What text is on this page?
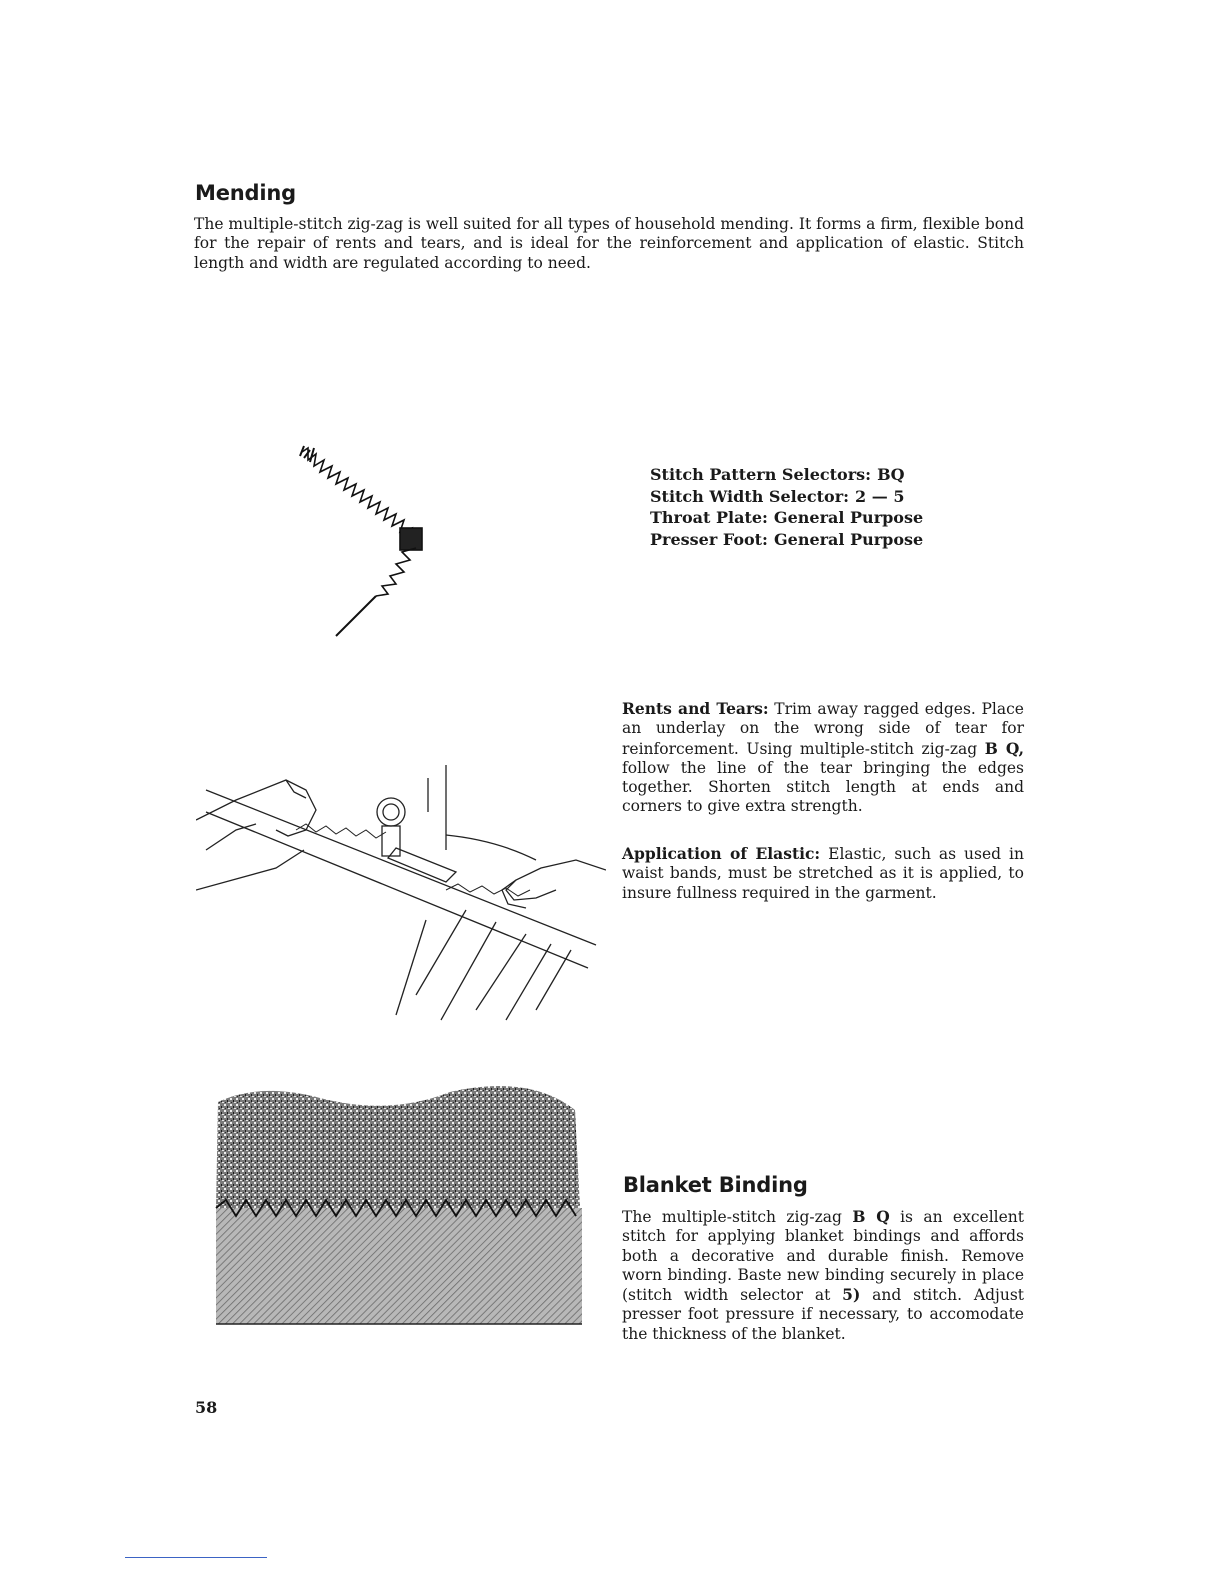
Mending

The multiple-stitch zig-zag is well suited for all types of household mending. It forms a firm, flexible bond for the repair of rents and tears, and is ideal for the reinforcement and application of elastic. Stitch length and width are regulated according to need.

Stitch Pattern Selectors: BQ
Stitch Width Selector: 2 — 5
Throat Plate: General Purpose
Presser Foot: General Purpose

Rents and Tears: Trim away ragged edges. Place an underlay on the wrong side of tear for reinforcement. Using multiple-stitch zig-zag B Q, follow the line of the tear bringing the edges together. Shorten stitch length at ends and corners to give extra strength.

Application of Elastic: Elastic, such as used in waist bands, must be stretched as it is applied, to insure fullness required in the garment.

Blanket Binding

The multiple-stitch zig-zag B Q is an excellent stitch for applying blanket bindings and affords both a decorative and durable finish. Remove worn binding. Baste new binding securely in place (stitch width selector at 5) and stitch. Adjust presser foot pressure if necessary, to accomodate the thickness of the blanket.

58
